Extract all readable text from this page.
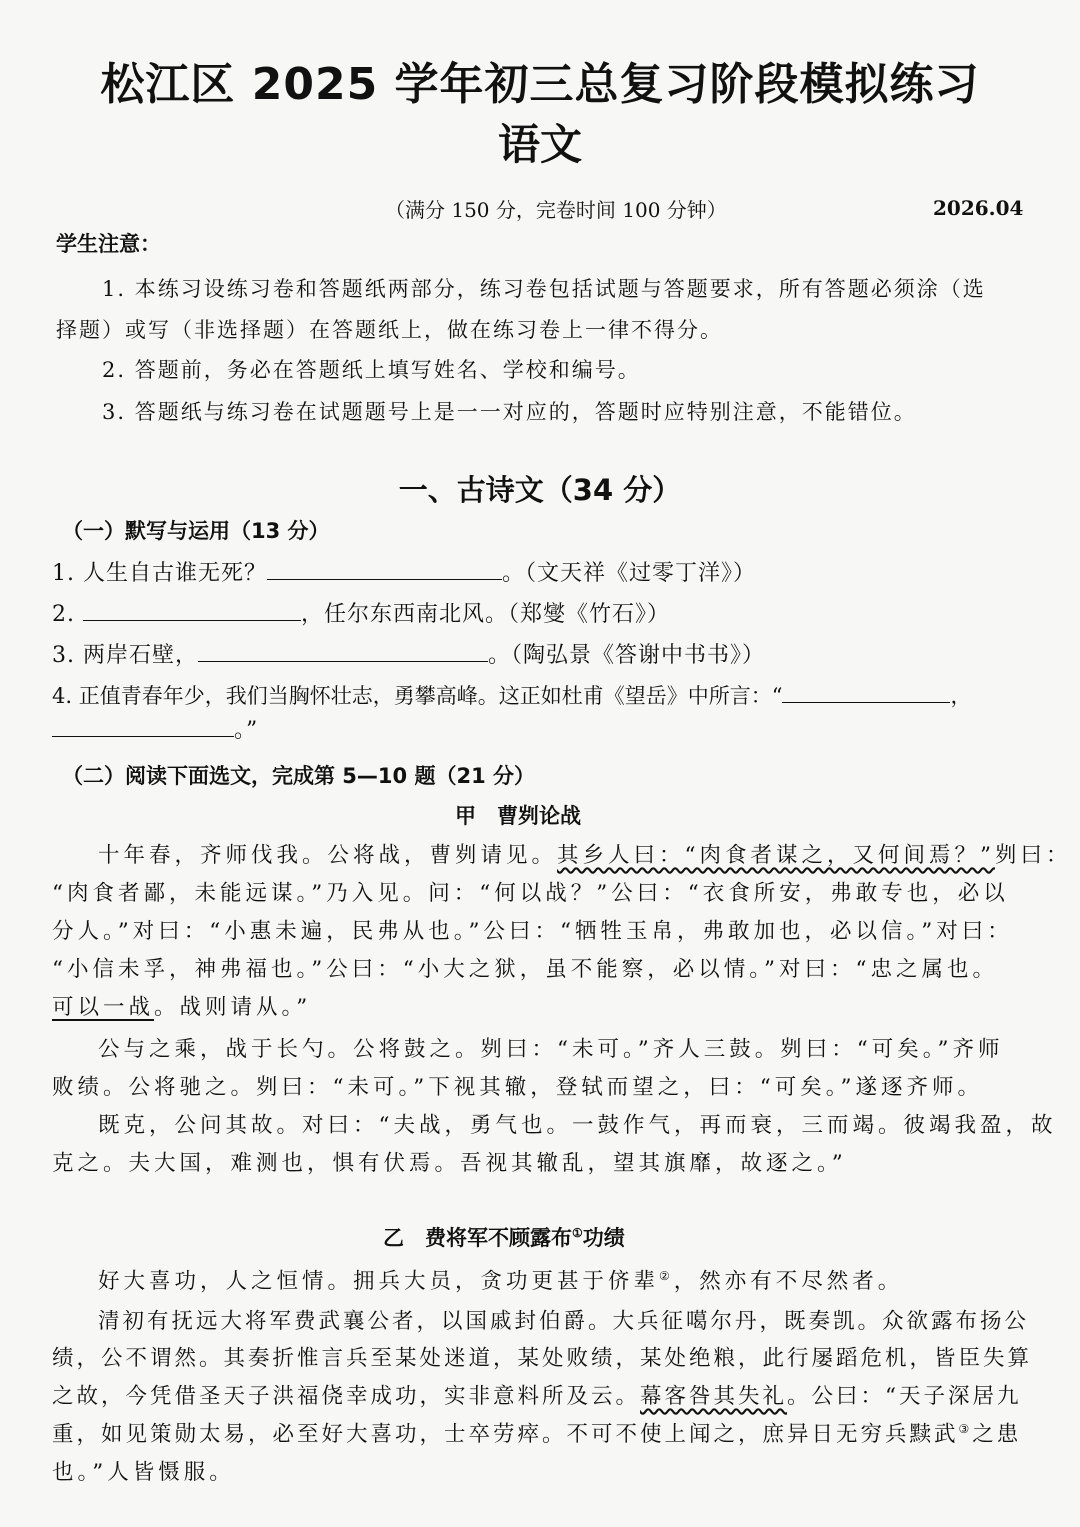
松江区 2025 学年初三总复习阶段模拟练习
语文
（满分 150 分，完卷时间 100 分钟）	2026.04
学生注意：
1. 本练习设练习卷和答题纸两部分，练习卷包括试题与答题要求，所有答题必须涂（选
择题）或写（非选择题）在答题纸上，做在练习卷上一律不得分。
2. 答题前，务必在答题纸上填写姓名、学校和编号。
3. 答题纸与练习卷在试题题号上是一一对应的，答题时应特别注意，不能错位。
一、古诗文（34 分）
（一）默写与运用（13 分）
1. 人生自古谁无死？	。（文天祥《过零丁洋》）
2.	，任尔东西南北风。（郑燮《竹石》）
3. 两岸石壁，	。（陶弘景《答谢中书书》）
4. 正值青春年少，我们当胸怀壮志，勇攀高峰。这正如杜甫《望岳》中所言：“	，
。”
（二）阅读下面选文，完成第 5—10 题（21 分）
甲　曹刿论战
十年春，齐师伐我。公将战，曹刿请见。其乡人曰：“肉食者谋之，又何间焉？”刿曰：
“肉食者鄙，未能远谋。”乃入见。问：“何以战？”公曰：“衣食所安，弗敢专也，必以
分人。”对曰：“小惠未遍，民弗从也。”公曰：“牺牲玉帛，弗敢加也，必以信。”对曰：
“小信未孚，神弗福也。”公曰：“小大之狱，虽不能察，必以情。”对曰：“忠之属也。
可以一战。战则请从。”
公与之乘，战于长勺。公将鼓之。刿曰：“未可。”齐人三鼓。刿曰：“可矣。”齐师
败绩。公将驰之。刿曰：“未可。”下视其辙，登轼而望之，曰：“可矣。”遂逐齐师。
既克，公问其故。对曰：“夫战，勇气也。一鼓作气，再而衰，三而竭。彼竭我盈，故
克之。夫大国，难测也，惧有伏焉。吾视其辙乱，望其旗靡，故逐之。”
乙　费将军不顾露布①功绩
好大喜功，人之恒情。拥兵大员，贪功更甚于侪辈②，然亦有不尽然者。
清初有抚远大将军费武襄公者，以国戚封伯爵。大兵征噶尔丹，既奏凯。众欲露布扬公
绩，公不谓然。其奏折惟言兵至某处迷道，某处败绩，某处绝粮，此行屡蹈危机，皆臣失算
之故，今凭借圣天子洪福侥幸成功，实非意料所及云。幕客咎其失礼。公曰：“天子深居九
重，如见策勋太易，必至好大喜功，士卒劳瘁。不可不使上闻之，庶异日无穷兵黩武③之患
也。”人皆慑服。
